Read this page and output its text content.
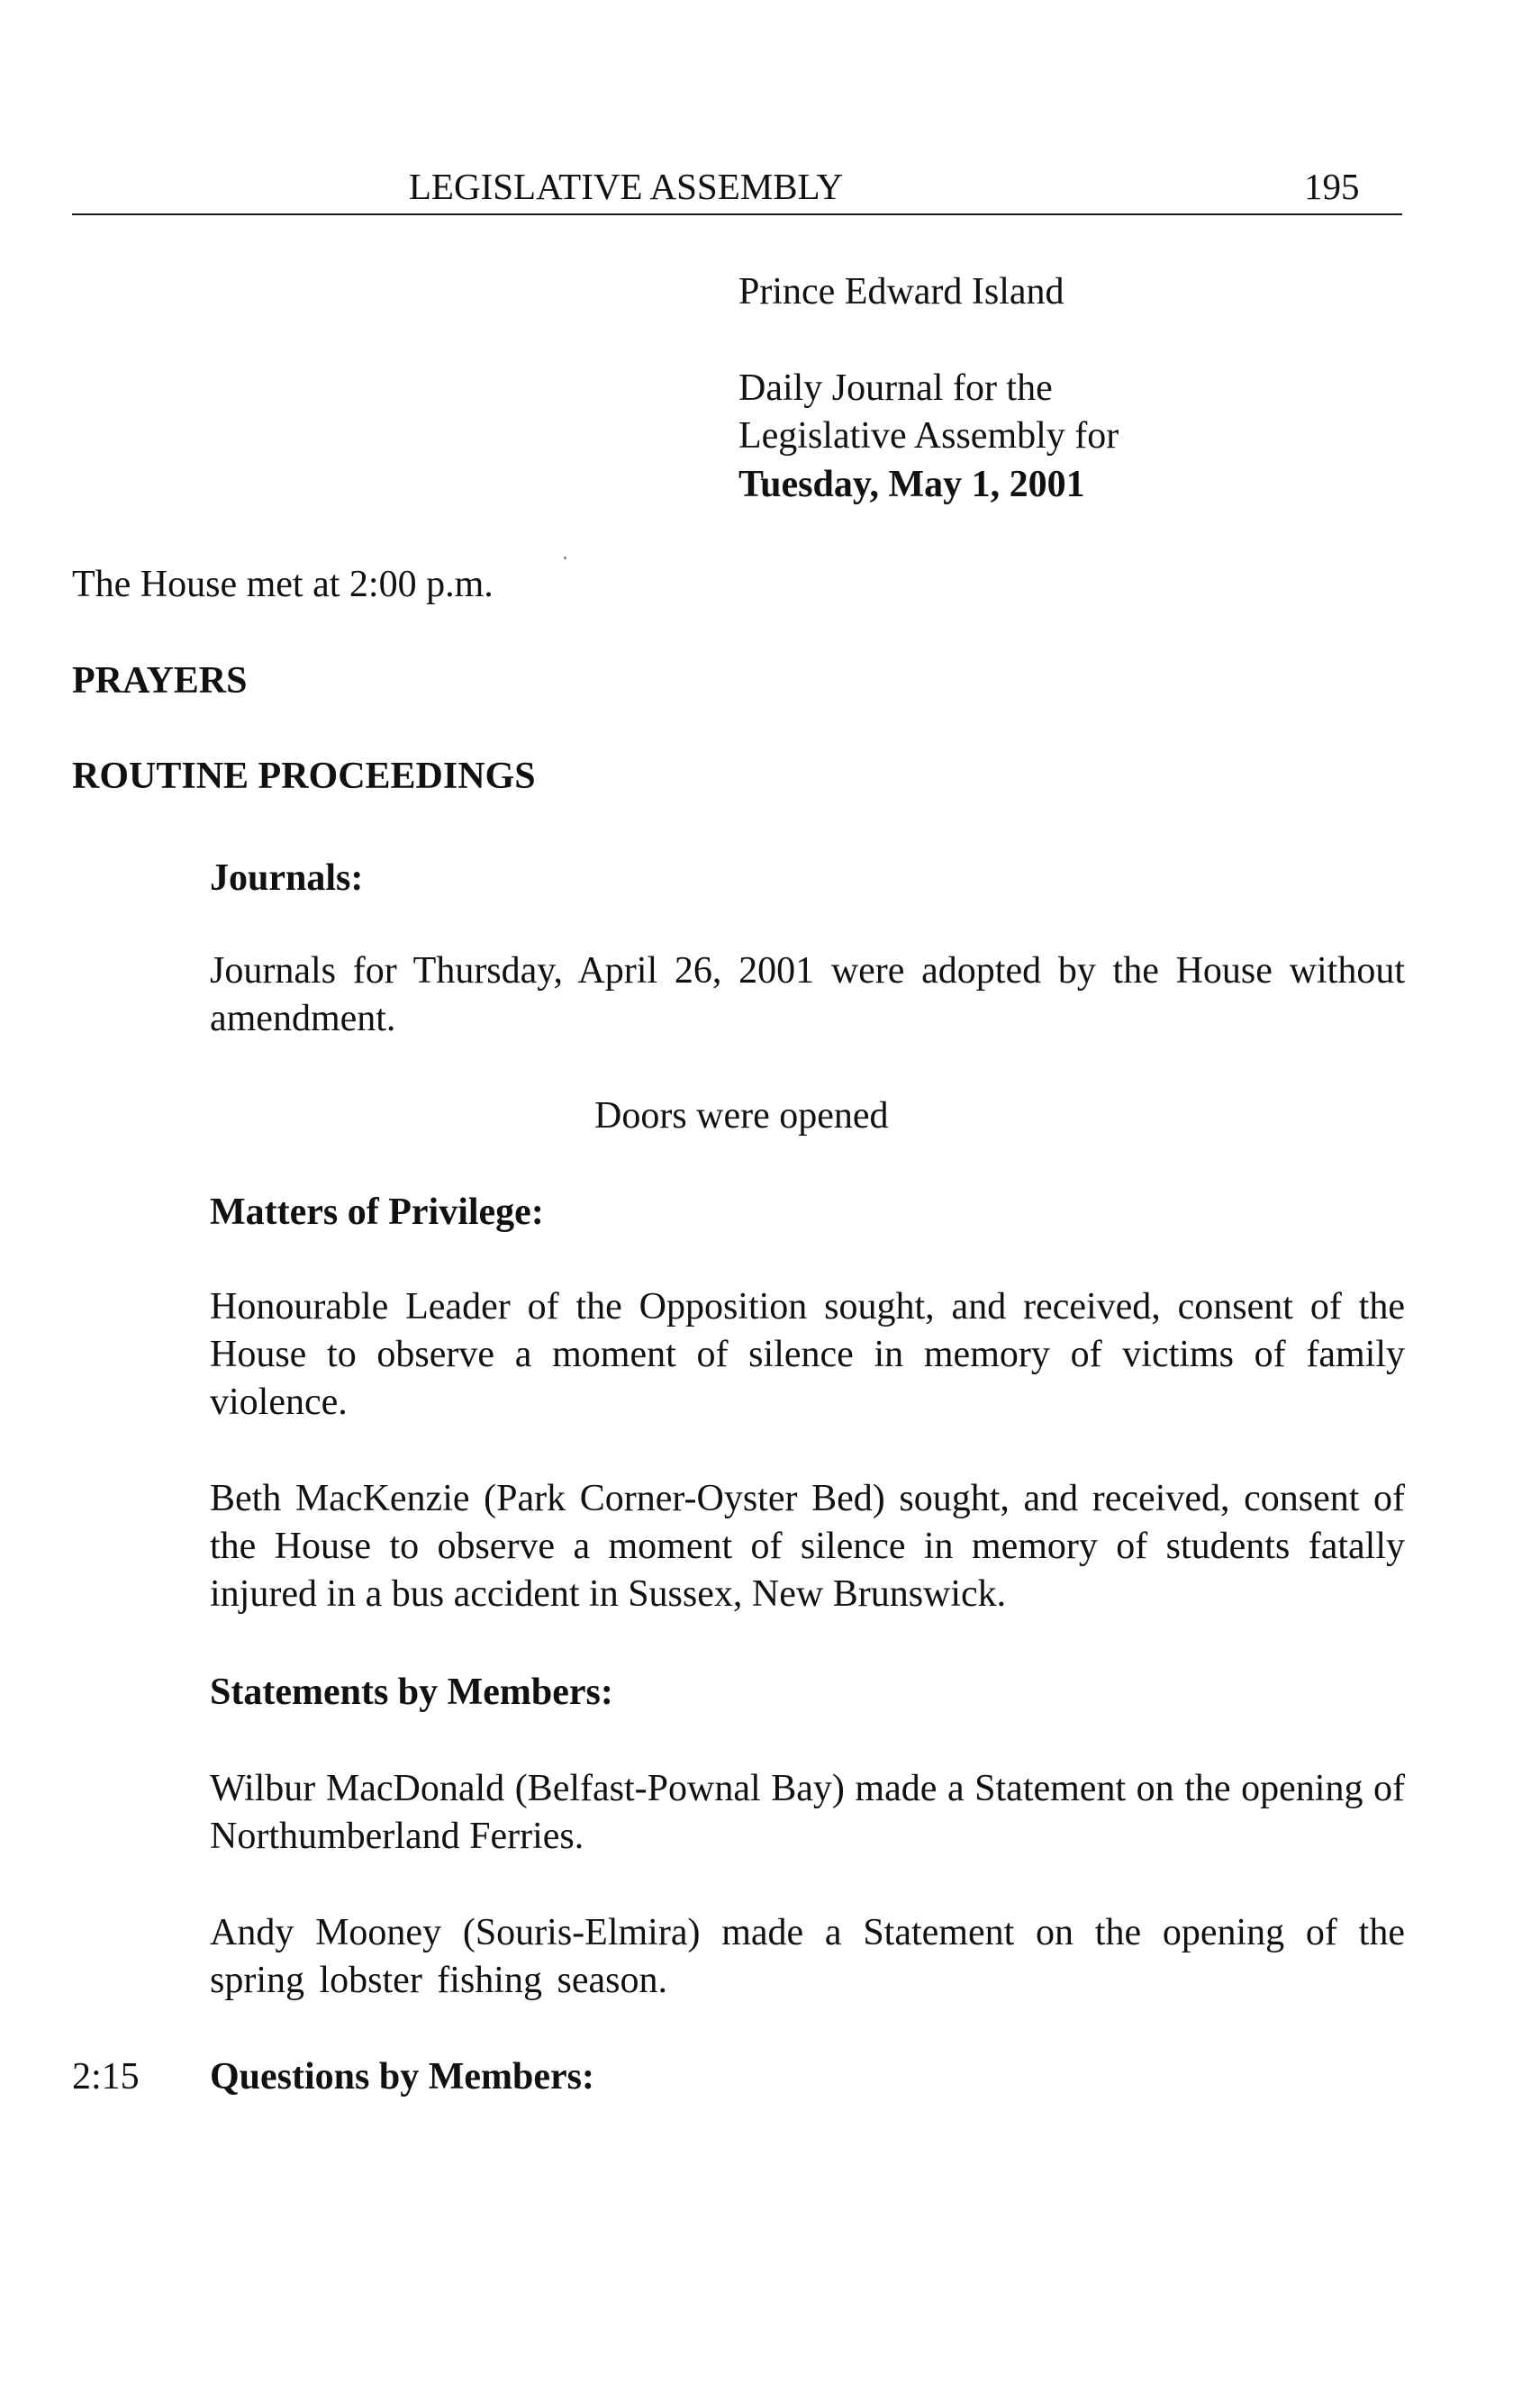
LEGISLATIVE ASSEMBLY	195
Prince Edward Island
Daily Journal for the
Legislative Assembly for
Tuesday, May 1, 2001
The House met at 2:00 p.m.
PRAYERS
ROUTINE PROCEEDINGS
Journals:
Journals for Thursday, April 26, 2001 were adopted by the House without amendment.
Doors were opened
Matters of Privilege:
Honourable Leader of the Opposition sought, and received, consent of the House to observe a moment of silence in memory of victims of family violence.
Beth MacKenzie (Park Corner-Oyster Bed) sought, and received, consent of the House to observe a moment of silence in memory of students fatally injured in a bus accident in Sussex, New Brunswick.
Statements by Members:
Wilbur MacDonald (Belfast-Pownal Bay) made a Statement on the opening of Northumberland Ferries.
Andy Mooney (Souris-Elmira) made a Statement on the opening of the spring lobster fishing season.
2:15 Questions by Members:
